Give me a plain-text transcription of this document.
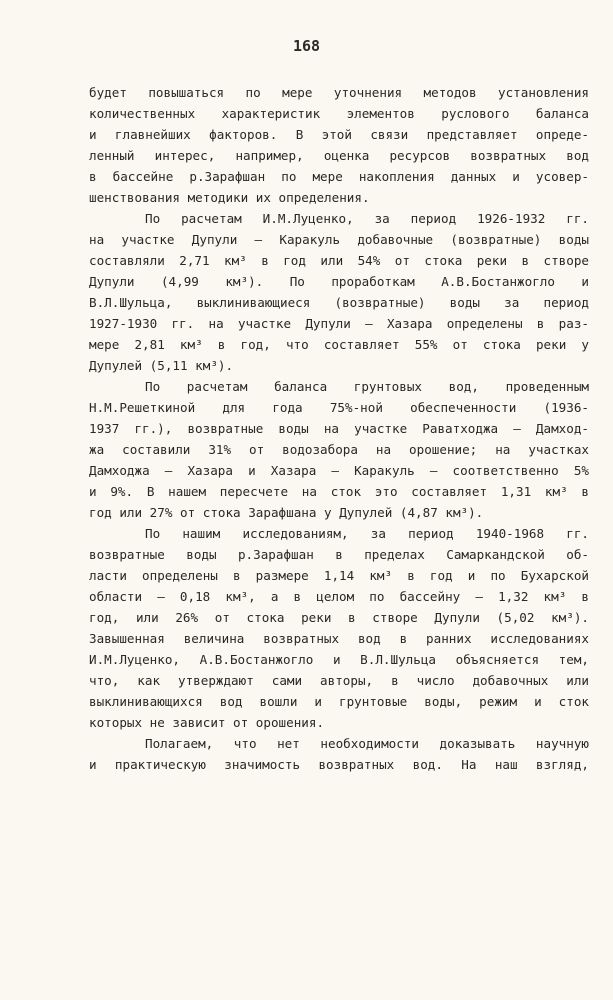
168
будет повышаться по мере уточнения методов установления
количественных характеристик элементов руслового баланса
и главнейших факторов. В этой связи представляет опреде-
ленный интерес, например, оценка ресурсов возвратных вод
в бассейне р.Зарафшан по мере накопления данных и усовер-
шенствования методики их определения.
По расчетам И.М.Луценко, за период 1926-1932 гг.
на участке Дупули – Каракуль добавочные (возвратные) воды
составляли 2,71 км³ в год или 54% от стока реки в створе
Дупули (4,99 км³). По проработкам А.В.Бостанжогло и
В.Л.Шульца, выклинивающиеся (возвратные) воды за период
1927-1930 гг. на участке Дупули – Хазара определены в раз-
мере 2,81 км³ в год, что составляет 55% от стока реки у
Дупулей (5,11 км³).
По расчетам баланса грунтовых вод, проведенным
Н.М.Решеткиной для года 75%-ной обеспеченности (1936-
1937 гг.), возвратные воды на участке Раватходжа – Дамход-
жа составили 31% от водозабора на орошение; на участках
Дамходжа – Хазара и Хазара – Каракуль – соответственно 5%
и 9%. В нашем пересчете на сток это составляет 1,31 км³ в
год или 27% от стока Зарафшана у Дупулей (4,87 км³).
По нашим исследованиям, за период 1940-1968 гг.
возвратные воды р.Зарафшан в пределах Самаркандской об-
ласти определены в размере 1,14 км³ в год и по Бухарской
области – 0,18 км³, а в целом по бассейну – 1,32 км³ в
год, или 26% от стока реки в створе Дупули (5,02 км³).
Завышенная величина возвратных вод в ранних исследованиях
И.М.Луценко, А.В.Бостанжогло и В.Л.Шульца объясняется тем,
что, как утверждают сами авторы, в число добавочных или
выклинивающихся вод вошли и грунтовые воды, режим и сток
которых не зависит от орошения.
Полагаем, что нет необходимости доказывать научную
и практическую значимость возвратных вод. На наш взгляд,
